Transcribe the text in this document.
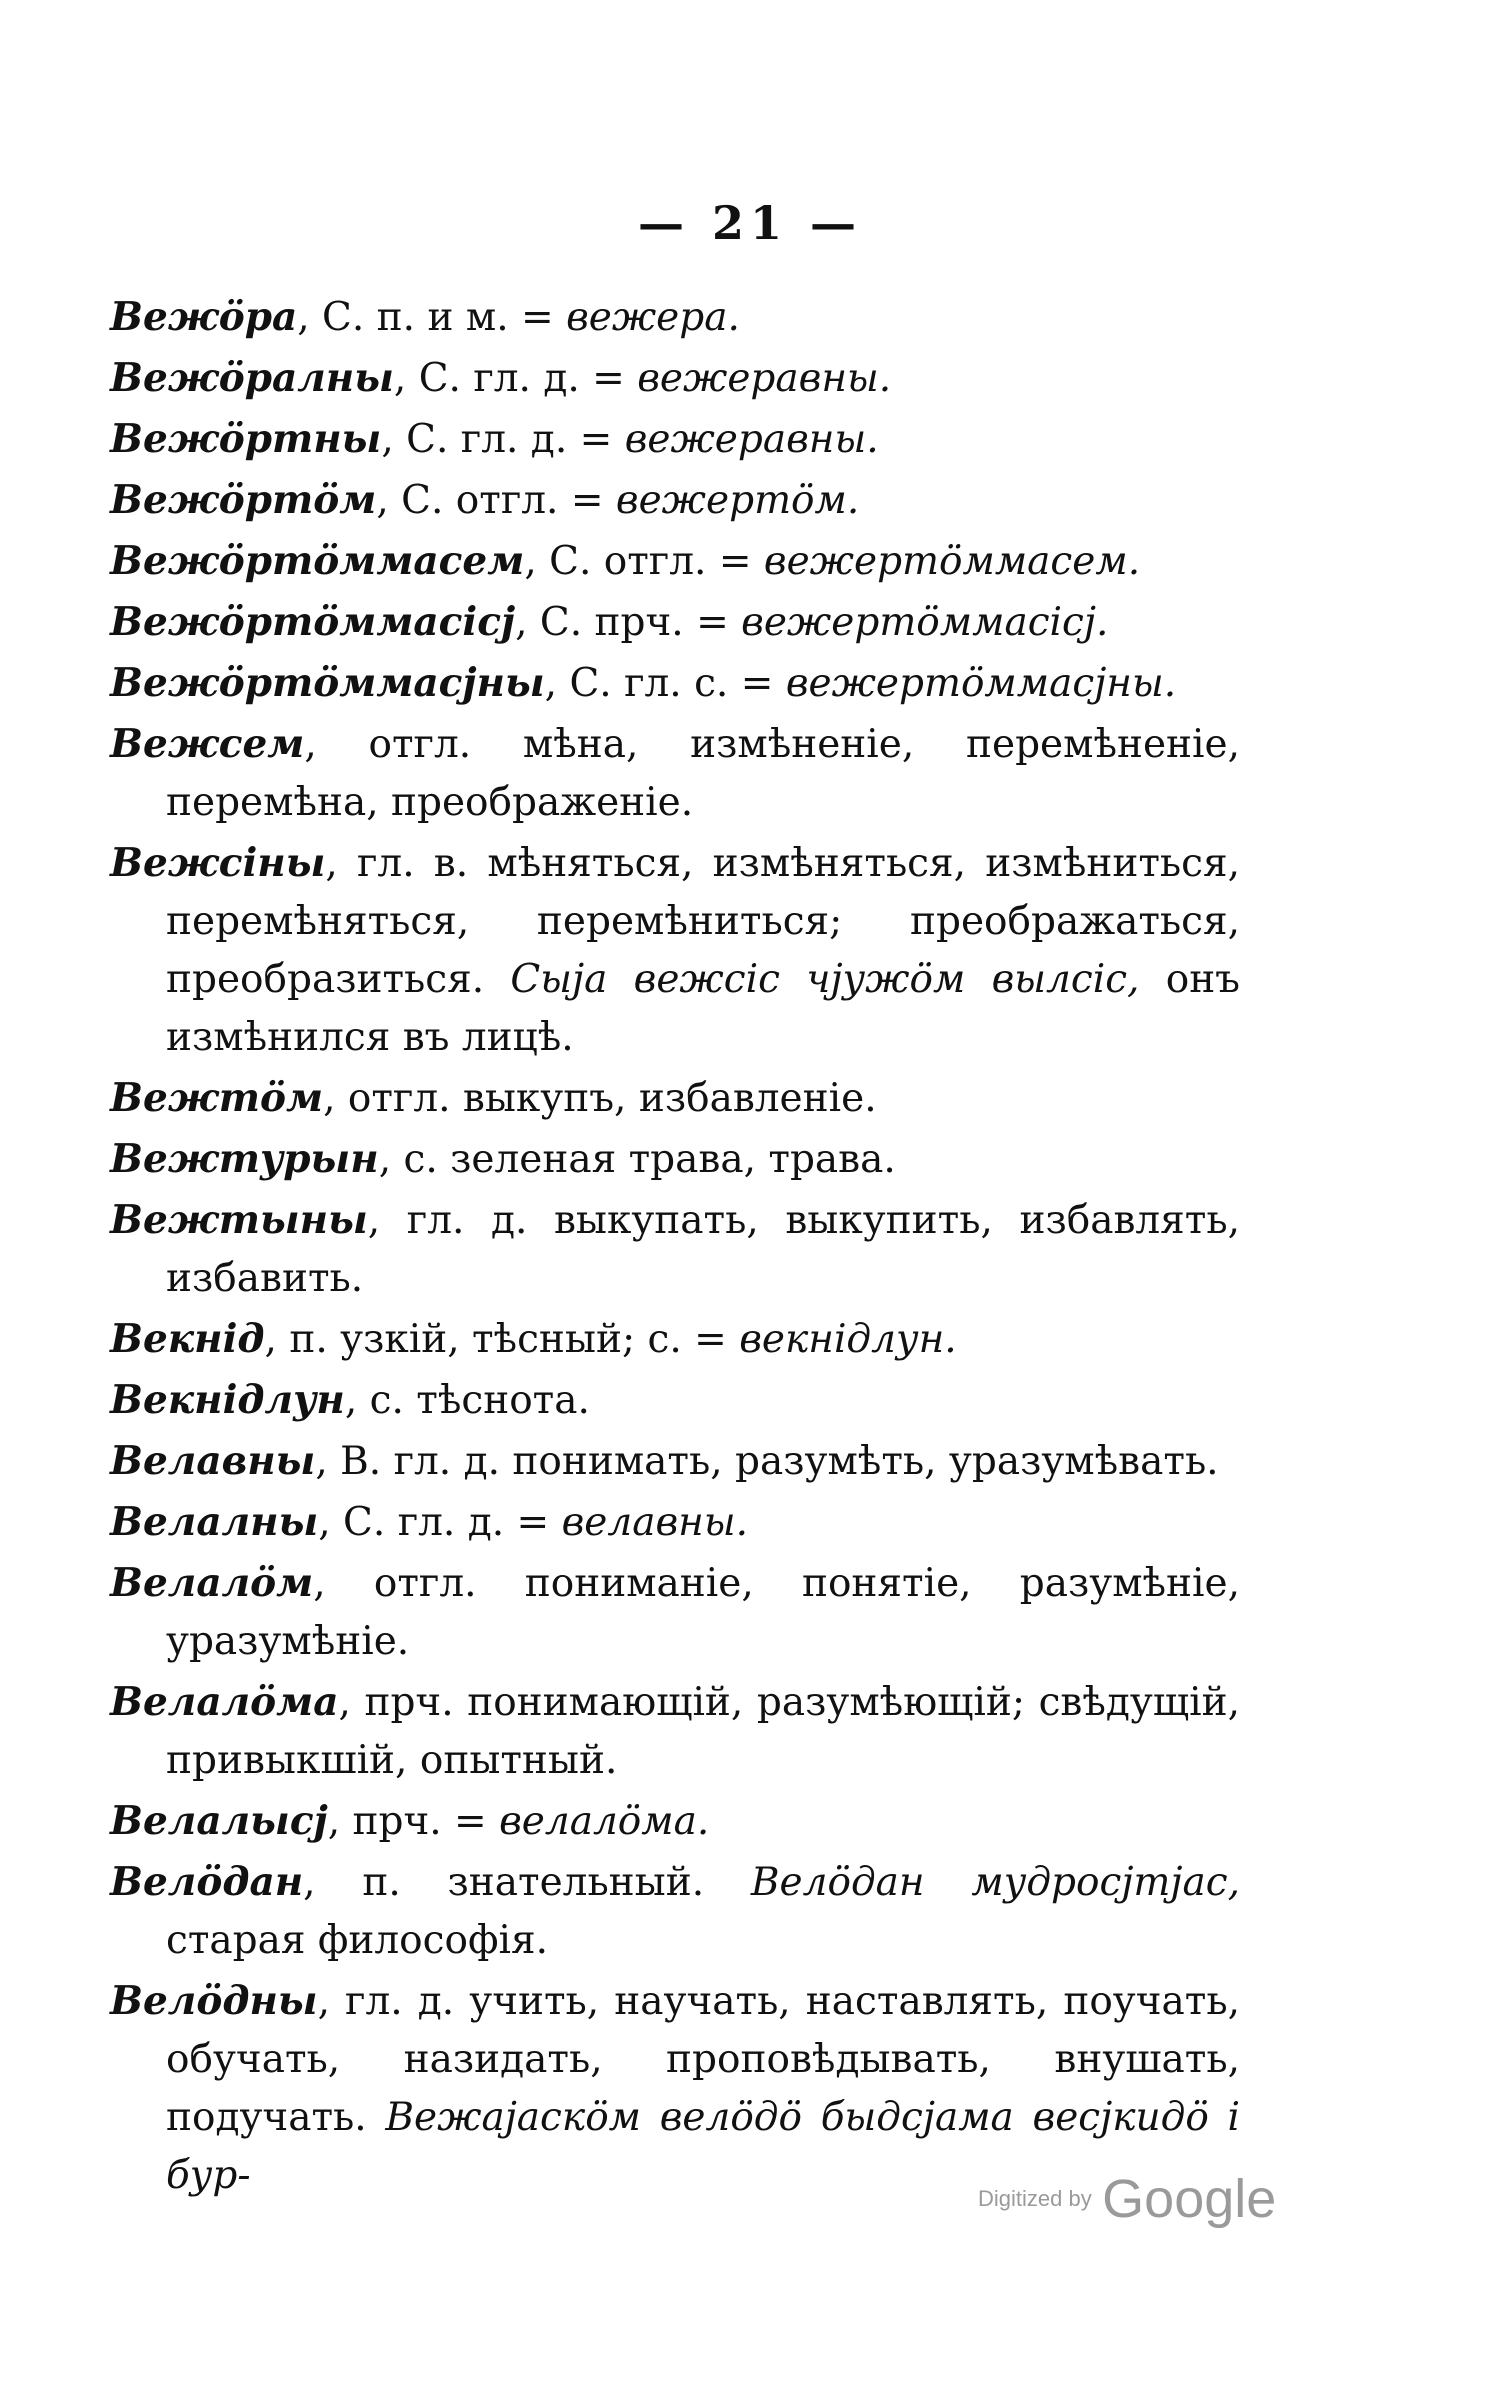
— 21 —
Вежӧра, С. п. и м. = вежера.
Вежӧралны, С. гл. д. = вежеравны.
Вежӧртны, С. гл. д. = вежеравны.
Вежӧртӧм, С. отгл. = вежертӧм.
Вежӧртӧммасем, С. отгл. = вежертӧммасем.
Вежӧртӧммасіcj, С. прч. = вежертӧммасіcj.
Вежӧртӧммасjны, С. гл. с. = вежертӧммасjны.
Вежсем, отгл. мѣна, измѣненіе, перемѣненіе, перемѣна, преображеніе.
Вежсіны, гл. в. мѣняться, измѣняться, измѣниться, перемѣняться, перемѣниться; преображаться, преобразиться. Сыjа вежсіс чjужӧм вылсіс, онъ измѣнился въ лицѣ.
Вежтӧм, отгл. выкупъ, избавленіе.
Вежтурын, с. зеленая трава, трава.
Вежтыны, гл. д. выкупать, выкупить, избавлять, избавить.
Векнід, п. узкій, тѣсный; с. = векнідлун.
Векнідлун, с. тѣснота.
Велавны, В. гл. д. понимать, разумѣть, уразумѣвать.
Велалны, С. гл. д. = велавны.
Велалӧм, отгл. пониманіе, понятіе, разумѣніе, уразумѣніе.
Велалӧма, прч. понимающій, разумѣющій; свѣдущій, привыкшій, опытный.
Велалысj, прч. = велалӧма.
Велӧдан, п. знательный. Велӧдан мудросjтjас, старая философія.
Велӧдны, гл. д. учить, научать, наставлять, поучать, обучать, назидать, проповѣдывать, внушать, подучать. Вежаjаскӧм велӧдӧ быдсjама весjкидӧ і бур-
Digitized by Google
